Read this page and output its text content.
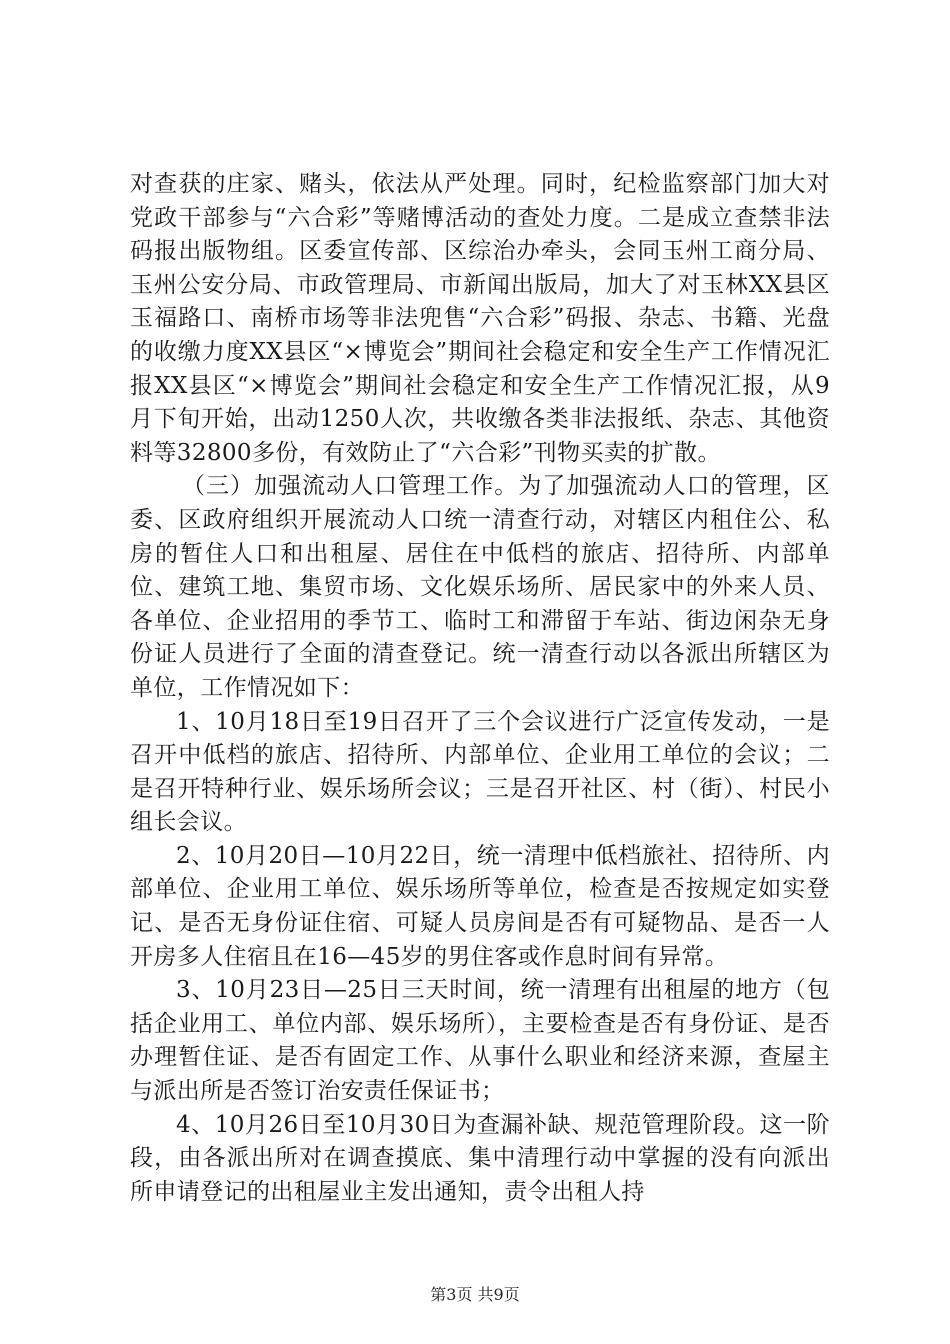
对查获的庄家、赌头，依法从严处理。同时，纪检监察部门加大对党政干部参与“六合彩”等赌博活动的查处力度。二是成立查禁非法码报出版物组。区委宣传部、区综治办牵头，会同玉州工商分局、玉州公安分局、市政管理局、市新闻出版局，加大了对玉林XX县区玉福路口、南桥市场等非法兜售“六合彩”码报、杂志、书籍、光盘的收缴力度XX县区“×博览会”期间社会稳定和安全生产工作情况汇报XX县区“×博览会”期间社会稳定和安全生产工作情况汇报，从9月下旬开始，出动1250人次，共收缴各类非法报纸、杂志、其他资料等32800多份，有效防止了“六合彩”刊物买卖的扩散。

（三）加强流动人口管理工作。为了加强流动人口的管理，区委、区政府组织开展流动人口统一清查行动，对辖区内租住公、私房的暂住人口和出租屋、居住在中低档的旅店、招待所、内部单位、建筑工地、集贸市场、文化娱乐场所、居民家中的外来人员、各单位、企业招用的季节工、临时工和滞留于车站、街边闲杂无身份证人员进行了全面的清查登记。统一清查行动以各派出所辖区为单位，工作情况如下：

1、10月18日至19日召开了三个会议进行广泛宣传发动，一是召开中低档的旅店、招待所、内部单位、企业用工单位的会议；二是召开特种行业、娱乐场所会议；三是召开社区、村（街）、村民小组长会议。

2、10月20日—10月22日，统一清理中低档旅社、招待所、内部单位、企业用工单位、娱乐场所等单位，检查是否按规定如实登记、是否无身份证住宿、可疑人员房间是否有可疑物品、是否一人开房多人住宿且在16—45岁的男住客或作息时间有异常。

3、10月23日—25日三天时间，统一清理有出租屋的地方（包括企业用工、单位内部、娱乐场所），主要检查是否有身份证、是否办理暂住证、是否有固定工作、从事什么职业和经济来源，查屋主与派出所是否签订治安责任保证书；

4、10月26日至10月30日为查漏补缺、规范管理阶段。这一阶段，由各派出所对在调查摸底、集中清理行动中掌握的没有向派出所申请登记的出租屋业主发出通知，责令出租人持

第3页 共9页
